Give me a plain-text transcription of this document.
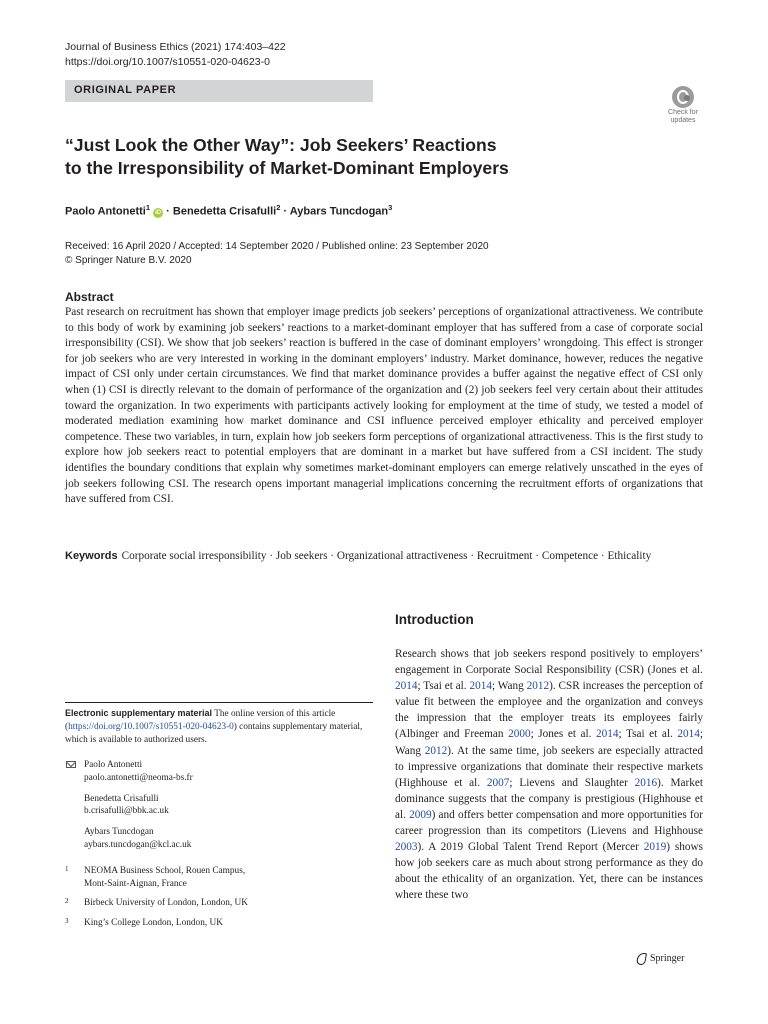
Journal of Business Ethics (2021) 174:403–422
https://doi.org/10.1007/s10551-020-04623-0
ORIGINAL PAPER
Check for updates
“Just Look the Other Way”: Job Seekers’ Reactions
to the Irresponsibility of Market-Dominant Employers
Paolo Antonetti$^1$ iD · Benedetta Crisafulli$^2$ · Aybars Tuncdogan$^3$
Received: 16 April 2020 / Accepted: 14 September 2020 / Published online: 23 September 2020
© Springer Nature B.V. 2020
Abstract
Past research on recruitment has shown that employer image predicts job seekers’ perceptions of organizational attractiveness. We contribute to this body of work by examining job seekers’ reactions to a market-dominant employer that has suffered from a case of corporate social irresponsibility (CSI). We show that job seekers’ reaction is buffered in the case of dominant employers’ wrongdoing. This effect is stronger for job seekers who are very interested in working in the dominant employers’ industry. Market dominance, however, reduces the negative impact of CSI only under certain circumstances. We find that market dominance provides a buffer against the negative effect of CSI only when (1) CSI is directly relevant to the domain of performance of the organization and (2) job seekers feel very certain about their attitudes toward the organization. In two experiments with participants actively looking for employment at the time of study, we tested a model of moderated mediation examining how market dominance and CSI influence perceived employer ethicality and perceived employer competence. These two variables, in turn, explain how job seekers form perceptions of organizational attractiveness. This is the first study to explore how job seekers react to potential employers that are dominant in a market but have suffered from a CSI incident. The study identifies the boundary conditions that explain why sometimes market-dominant employers can emerge relatively unscathed in the eyes of job seekers following CSI. The research opens important managerial implications concerning the recruitment efforts of organizations that have suffered from CSI.
Keywords Corporate social irresponsibility · Job seekers · Organizational attractiveness · Recruitment · Competence · Ethicality
Introduction
Research shows that job seekers respond positively to employers’ engagement in Corporate Social Responsibility (CSR) (Jones et al. 2014; Tsai et al. 2014; Wang 2012). CSR increases the perception of value fit between the employee and the organization and conveys the impression that the employer treats its employees fairly (Albinger and Freeman 2000; Jones et al. 2014; Tsai et al. 2014; Wang 2012). At the same time, job seekers are especially attracted to impressive organizations that dominate their respective markets (Highhouse et al. 2007; Lievens and Slaughter 2016). Market dominance suggests that the company is prestigious (Highhouse et al. 2009) and offers better compensation and more opportunities for career progression than its competitors (Lievens and Highhouse 2003). A 2019 Global Talent Trend Report (Mercer 2019) shows how job seekers care as much about strong performance as they do about the ethicality of an organization. Yet, there can be instances where these two
Electronic supplementary material The online version of this article (https://doi.org/10.1007/s10551-020-04623-0) contains supplementary material, which is available to authorized users.
Paolo Antonetti
paolo.antonetti@neoma-bs.fr
Benedetta Crisafulli
b.crisafulli@bbk.ac.uk
Aybars Tuncdogan
aybars.tuncdogan@kcl.ac.uk
1 NEOMA Business School, Rouen Campus,
Mont-Saint-Aignan, France
2 Birbeck University of London, London, UK
3 King’s College London, London, UK
Springer
